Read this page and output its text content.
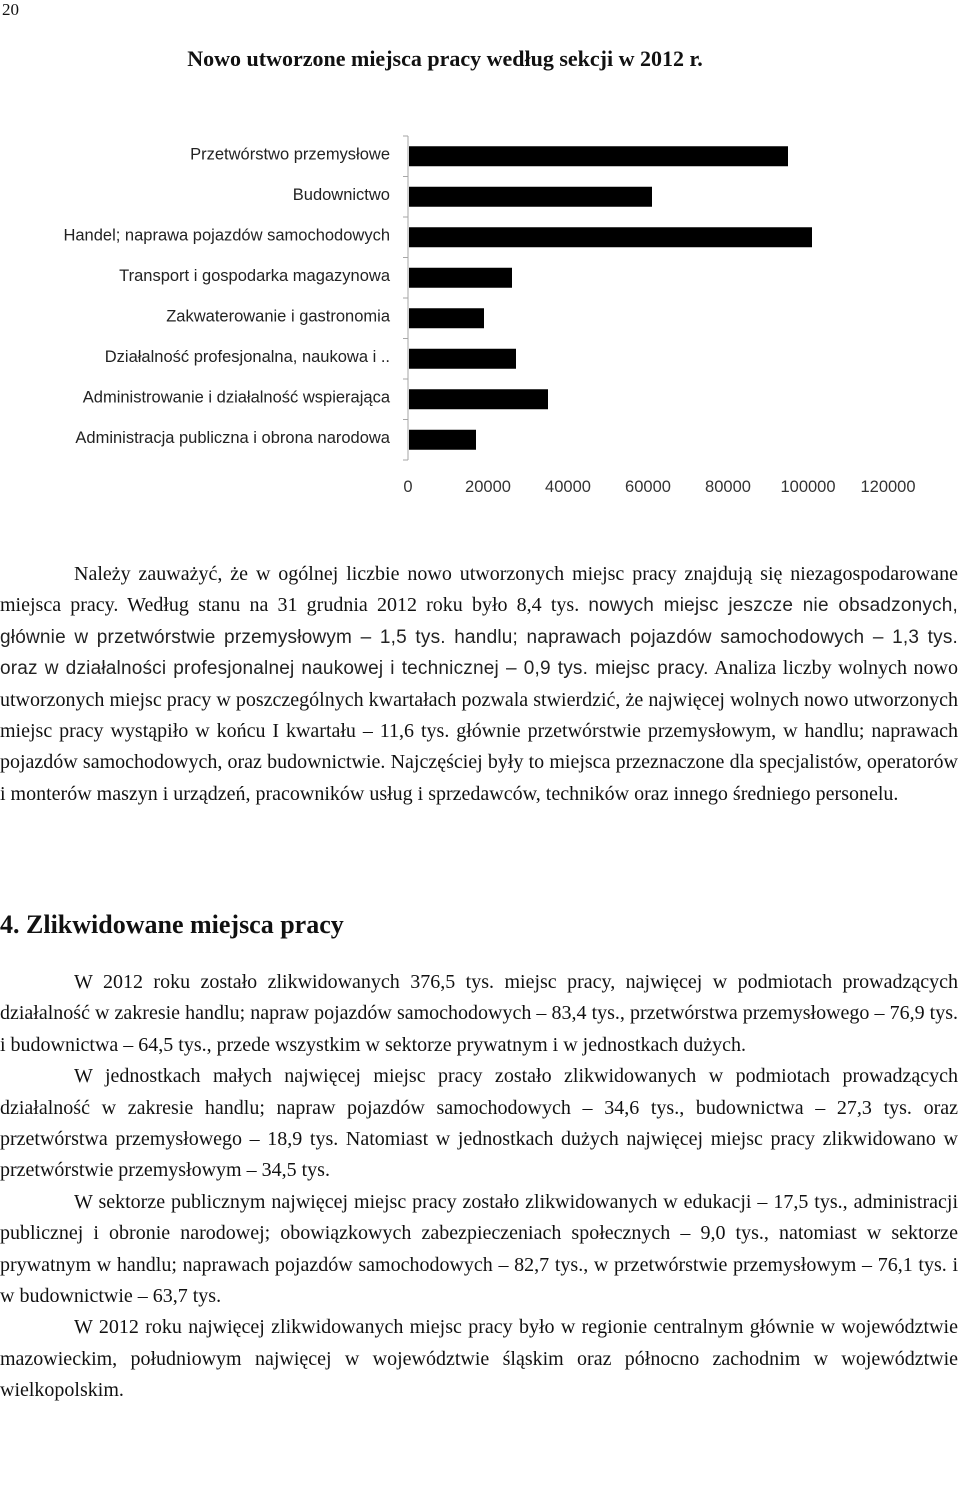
20
Nowo utworzone miejsca pracy według sekcji w 2012 r.
Przetwórstwo przemysłowe
Budownictwo
Handel; naprawa pojazdów samochodowych
Transport i gospodarka magazynowa
Zakwaterowanie i gastronomia
Działalność profesjonalna, naukowa i ..
Administrowanie i działalność wspierająca
Administracja publiczna i obrona narodowa
0	20000 40000 60000 80000 100000 120000

Należy zauważyć, że w ogólnej liczbie nowo utworzonych miejsc pracy znajdują się niezagospodarowane miejsca pracy. Według stanu na 31 grudnia 2012 roku było 8,4 tys. nowych miejsc jeszcze nie obsadzonych, głównie w przetwórstwie przemysłowym – 1,5 tys. handlu; naprawach pojazdów samochodowych – 1,3 tys. oraz w działalności profesjonalnej naukowej i technicznej – 0,9 tys. miejsc pracy. Analiza liczby wolnych nowo utworzonych miejsc pracy w poszczególnych kwartałach pozwala stwierdzić, że najwięcej wolnych nowo utworzonych miejsc pracy wystąpiło w końcu I kwartału – 11,6 tys. głównie przetwórstwie przemysłowym, w handlu; naprawach pojazdów samochodowych, oraz budownictwie. Najczęściej były to miejsca przeznaczone dla specjalistów, operatorów i monterów maszyn i urządzeń, pracowników usług i sprzedawców, techników oraz innego średniego personelu.

4. Zlikwidowane miejsca pracy

W 2012 roku zostało zlikwidowanych 376,5 tys. miejsc pracy, najwięcej w podmiotach prowadzących działalność w zakresie handlu; napraw pojazdów samochodowych – 83,4 tys., przetwórstwa przemysłowego – 76,9 tys. i budownictwa – 64,5 tys., przede wszystkim w sektorze prywatnym i w jednostkach dużych.

W jednostkach małych najwięcej miejsc pracy zostało zlikwidowanych w podmiotach prowadzących działalność w zakresie handlu; napraw pojazdów samochodowych – 34,6 tys., budownictwa – 27,3 tys. oraz przetwórstwa przemysłowego – 18,9 tys. Natomiast w jednostkach dużych najwięcej miejsc pracy zlikwidowano w przetwórstwie przemysłowym – 34,5 tys.

W sektorze publicznym najwięcej miejsc pracy zostało zlikwidowanych w edukacji – 17,5 tys., administracji publicznej i obronie narodowej; obowiązkowych zabezpieczeniach społecznych – 9,0 tys., natomiast w sektorze prywatnym w handlu; naprawach pojazdów samochodowych – 82,7 tys., w przetwórstwie przemysłowym – 76,1 tys. i w budownictwie – 63,7 tys.

W 2012 roku najwięcej zlikwidowanych miejsc pracy było w regionie centralnym głównie w województwie mazowieckim, południowym najwięcej w województwie śląskim oraz północno zachodnim w województwie wielkopolskim.
